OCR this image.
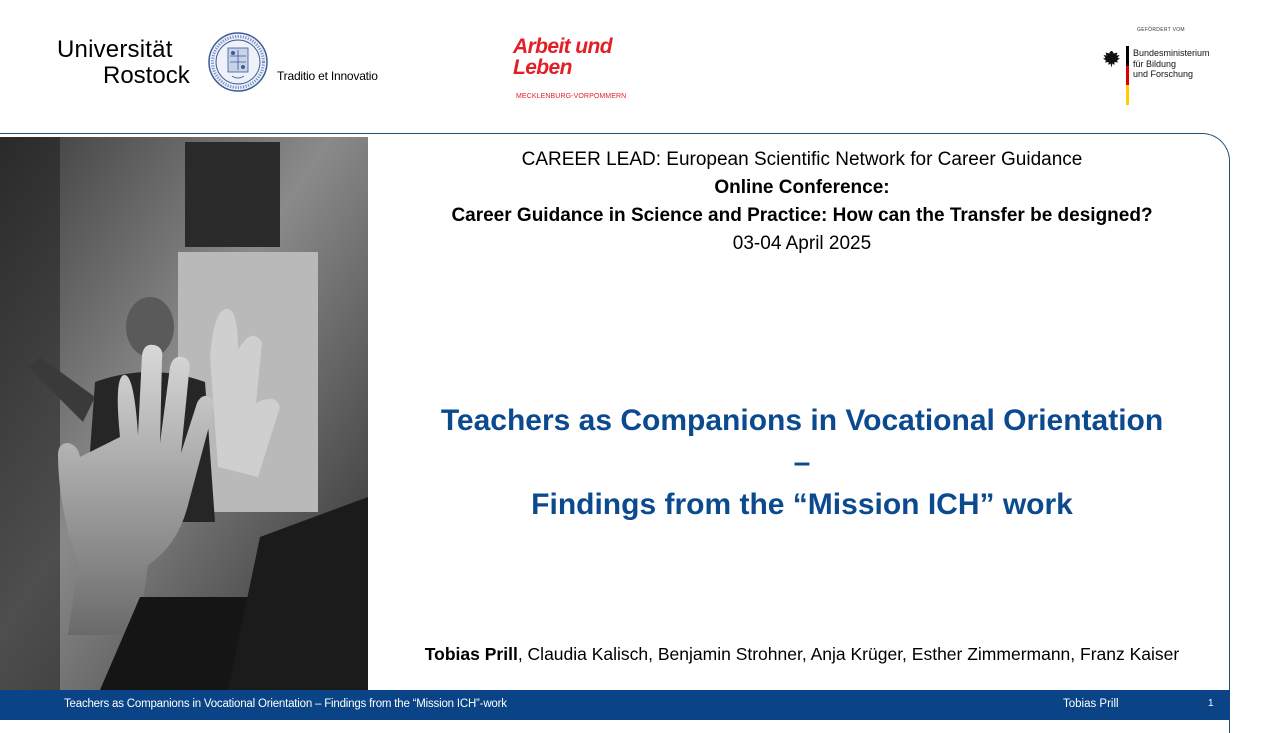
Universität
Rostock	Traditio et Innovatio
Arbeit und
Leben
MECKLENBURG-VORPOMMERN
GEFÖRDERT VOM
Bundesministerium
für Bildung
und Forschung
CAREER LEAD: European Scientific Network for Career Guidance
Online Conference:
Career Guidance in Science and Practice: How can the Transfer be designed?
03-04 April 2025
Teachers as Companions in Vocational Orientation
–
Findings from the “Mission ICH” work
Tobias Prill, Claudia Kalisch, Benjamin Strohner, Anja Krüger, Esther Zimmermann, Franz Kaiser
Teachers as Companions in Vocational Orientation – Findings from the “Mission ICH”-work	Tobias Prill	1
